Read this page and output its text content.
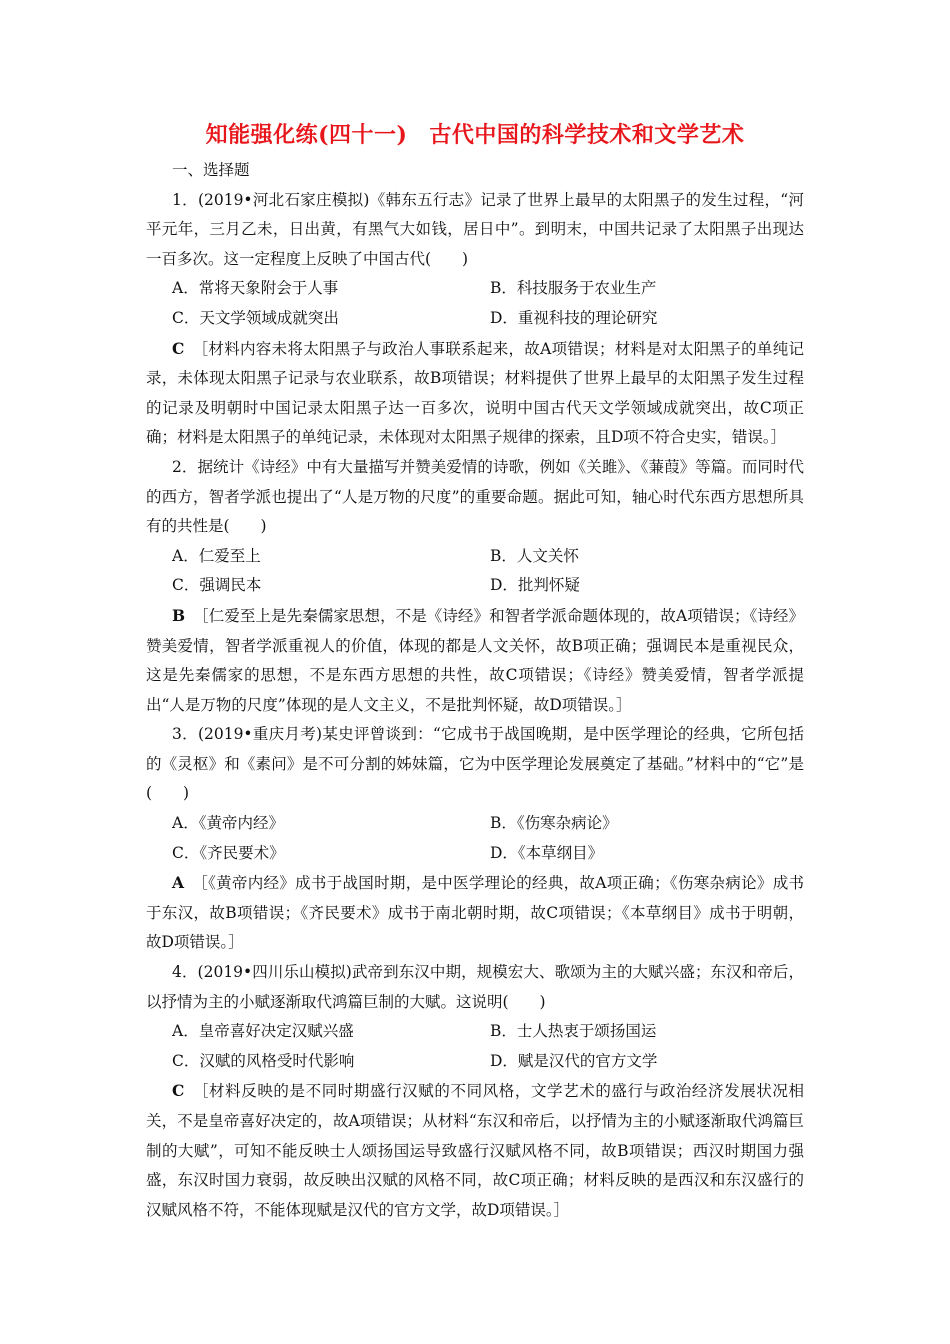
知能强化练(四十一) 古代中国的科学技术和文学艺术

一、选择题

1．(2019•河北石家庄模拟)《韩东五行志》记录了世界上最早的太阳黑子的发生过程，“河平元年，三月乙未，日出黄，有黑气大如钱，居日中”。到明末，中国共记录了太阳黑子出现达一百多次。这一定程度上反映了中国古代(　　)

A．常将天象附会于人事	B．科技服务于农业生产
C．天文学领域成就突出	D．重视科技的理论研究

C ［材料内容未将太阳黑子与政治人事联系起来，故A项错误；材料是对太阳黑子的单纯记录，未体现太阳黑子记录与农业联系，故B项错误；材料提供了世界上最早的太阳黑子发生过程的记录及明朝时中国记录太阳黑子达一百多次，说明中国古代天文学领域成就突出，故C项正确；材料是太阳黑子的单纯记录，未体现对太阳黑子规律的探索，且D项不符合史实，错误。］

2．据统计《诗经》中有大量描写并赞美爱情的诗歌，例如《关雎》、《蒹葭》等篇。而同时代的西方，智者学派也提出了“人是万物的尺度”的重要命题。据此可知，轴心时代东西方思想所具有的共性是(　　)

A．仁爱至上	B．人文关怀
C．强调民本	D．批判怀疑

B ［仁爱至上是先秦儒家思想，不是《诗经》和智者学派命题体现的，故A项错误；《诗经》赞美爱情，智者学派重视人的价值，体现的都是人文关怀，故B项正确；强调民本是重视民众，这是先秦儒家的思想，不是东西方思想的共性，故C项错误；《诗经》赞美爱情，智者学派提出“人是万物的尺度”体现的是人文主义，不是批判怀疑，故D项错误。］

3．(2019•重庆月考)某史评曾谈到：“它成书于战国晚期，是中医学理论的经典，它所包括的《灵枢》和《素问》是不可分割的姊妹篇，它为中医学理论发展奠定了基础。”材料中的“它”是(　　)

A．《黄帝内经》	B．《伤寒杂病论》
C．《齐民要术》	D．《本草纲目》

A ［《黄帝内经》成书于战国时期，是中医学理论的经典，故A项正确；《伤寒杂病论》成书于东汉，故B项错误；《齐民要术》成书于南北朝时期，故C项错误；《本草纲目》成书于明朝，故D项错误。］

4．(2019•四川乐山模拟)武帝到东汉中期，规模宏大、歌颂为主的大赋兴盛；东汉和帝后，以抒情为主的小赋逐渐取代鸿篇巨制的大赋。这说明(　　)

A．皇帝喜好决定汉赋兴盛	B．士人热衷于颂扬国运
C．汉赋的风格受时代影响	D．赋是汉代的官方文学

C ［材料反映的是不同时期盛行汉赋的不同风格，文学艺术的盛行与政治经济发展状况相关，不是皇帝喜好决定的，故A项错误；从材料“东汉和帝后，以抒情为主的小赋逐渐取代鸿篇巨制的大赋”，可知不能反映士人颂扬国运导致盛行汉赋风格不同，故B项错误；西汉时期国力强盛，东汉时国力衰弱，故反映出汉赋的风格不同，故C项正确；材料反映的是西汉和东汉盛行的汉赋风格不符，不能体现赋是汉代的官方文学，故D项错误。］
